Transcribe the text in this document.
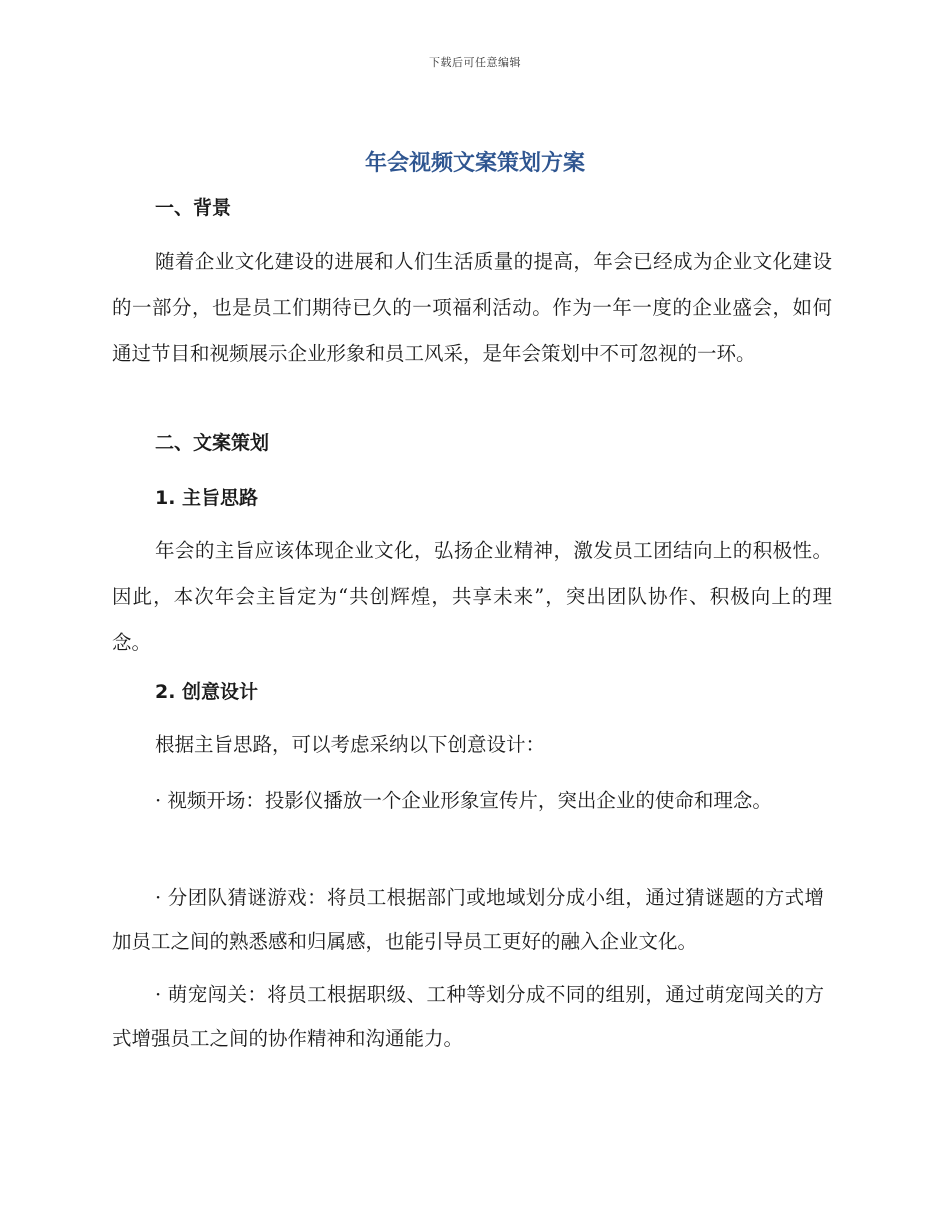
下载后可任意编辑
年会视频文案策划方案
一、背景

随着企业文化建设的进展和人们生活质量的提高，年会已经成为企业文化建设的一部分，也是员工们期待已久的一项福利活动。作为一年一度的企业盛会，如何通过节目和视频展示企业形象和员工风采，是年会策划中不可忽视的一环。

二、文案策划
1. 主旨思路

年会的主旨应该体现企业文化，弘扬企业精神，激发员工团结向上的积极性。因此，本次年会主旨定为“共创辉煌，共享未来”，突出团队协作、积极向上的理念。

2. 创意设计

根据主旨思路，可以考虑采纳以下创意设计：

· 视频开场：投影仪播放一个企业形象宣传片，突出企业的使命和理念。

· 分团队猜谜游戏：将员工根据部门或地域划分成小组，通过猜谜题的方式增加员工之间的熟悉感和归属感，也能引导员工更好的融入企业文化。

· 萌宠闯关：将员工根据职级、工种等划分成不同的组别，通过萌宠闯关的方式增强员工之间的协作精神和沟通能力。
